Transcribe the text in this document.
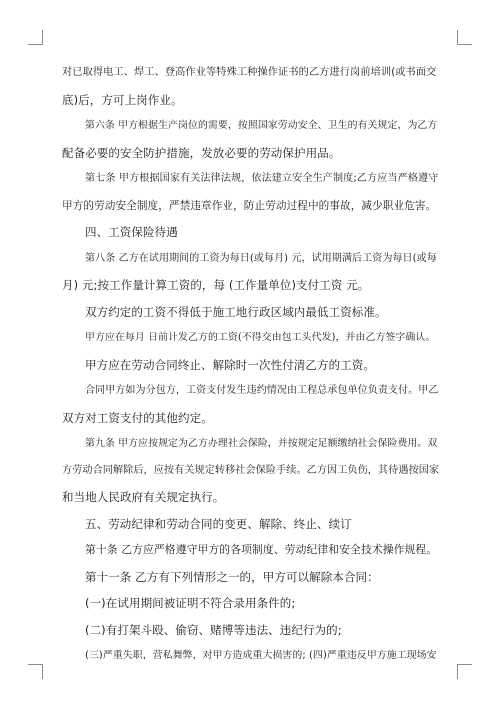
对已取得电工、焊工、登高作业等特殊工种操作证书的乙方进行岗前培训(或书面交
底)后，方可上岗作业。
第六条 甲方根据生产岗位的需要，按照国家劳动安全、卫生的有关规定，为乙方
配备必要的安全防护措施，发放必要的劳动保护用品。
第七条 甲方根据国家有关法律法规，依法建立安全生产制度;乙方应当严格遵守
甲方的劳动安全制度，严禁违章作业，防止劳动过程中的事故，减少职业危害。
四、工资保险待遇
第八条 乙方在试用期间的工资为每日(或每月) 元，试用期满后工资为每日(或每
月) 元;按工作量计算工资的，每 (工作量单位)支付工资 元。
双方约定的工资不得低于施工地行政区域内最低工资标准。
甲方应在每月 日前计发乙方的工资(不得交由包工头代发)，并由乙方签字确认。
甲方应在劳动合同终止、解除时一次性付清乙方的工资。
合同甲方如为分包方，工资支付发生违约情况由工程总承包单位负责支付。甲乙
双方对工资支付的其他约定。
第九条 甲方应按规定为乙方办理社会保险，并按规定足额缴纳社会保险费用。双
方劳动合同解除后，应按有关规定转移社会保险手续。乙方因工负伤，其待遇按国家
和当地人民政府有关规定执行。
五、劳动纪律和劳动合同的变更、解除、终止、续订
第十条 乙方应严格遵守甲方的各项制度、劳动纪律和安全技术操作规程。
第十一条 乙方有下列情形之一的，甲方可以解除本合同：
(一)在试用期间被证明不符合录用条件的;
(二)有打架斗殴、偷窃、赌博等违法、违纪行为的;
(三)严重失职，营私舞弊，对甲方造成重大损害的; (四)严重违反甲方施工现场安
